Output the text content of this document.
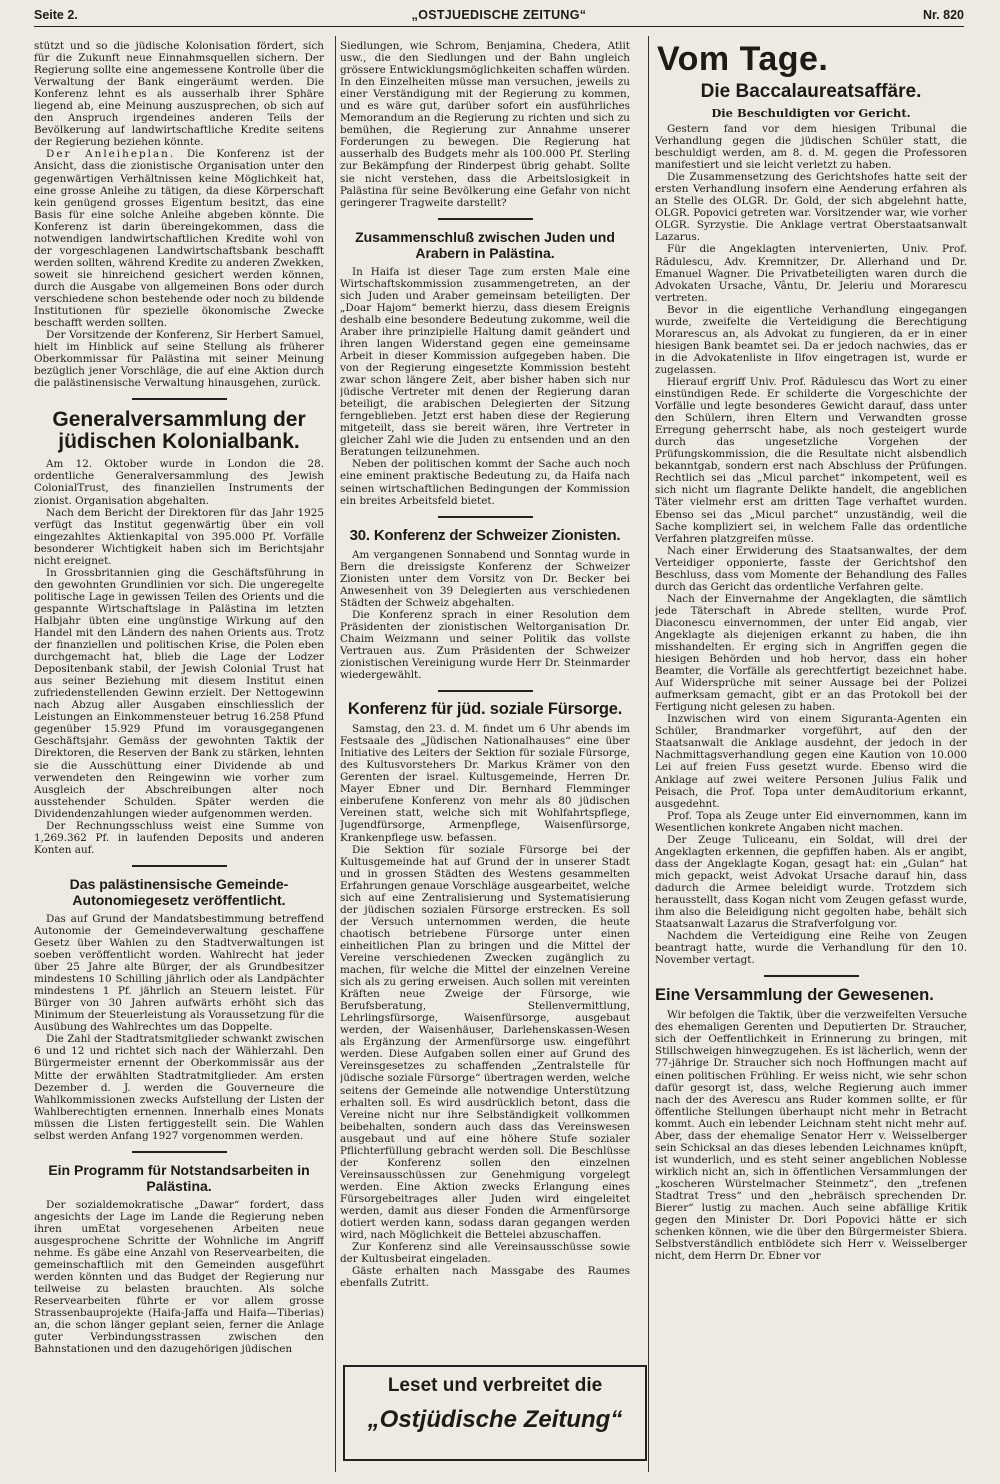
Seite 2.	„OSTJUEDISCHE ZEITUNG“	Nr. 820

stützt und so die jüdische Kolonisation fördert, sich für die Zukunft neue Einnahmsquellen sichern. Der Regierung sollte eine angemessene Kontrolle über die Verwaltung der Bank eingeräumt werden. Die Konferenz lehnt es als ausserhalb ihrer Sphäre liegend ab, eine Meinung auszusprechen, ob sich auf den Anspruch irgendeines anderen Teils der Bevölkerung auf landwirtschaftliche Kredite seitens der Regierung beziehen könnte.

Der Anleiheplan. Die Konferenz ist der Ansicht, dass die zionistische Organisation unter den gegenwärtigen Verhältnissen keine Möglichkeit hat, eine grosse Anleihe zu tätigen, da diese Körperschaft kein genügend grosses Eigentum besitzt, das eine Basis für eine solche Anleihe abgeben könnte. Die Konferenz ist darin übereingekommen, dass die notwendigen landwirtschaftlichen Kredite wohl von der vorgeschlagenen Landwirtschaftsbank beschafft werden sollten, während Kredite zu anderen Zwekken, soweit sie hinreichend gesichert werden können, durch die Ausgabe von allgemeinen Bons oder durch verschiedene schon bestehende oder noch zu bildende Institutionen für spezielle ökonomische Zwecke beschafft werden sollten.

Der Vorsitzende der Konferenz, Sir Herbert Samuel, hielt im Hinblick auf seine Stellung als früherer Oberkommissar für Palästina mit seiner Meinung bezüglich jener Vorschläge, die auf eine Aktion durch die palästinensische Verwaltung hinausgehen, zurück.

Generalversammlung der jüdischen Kolonialbank.

Am 12. Oktober wurde in London die 28. ordentliche Generalversammlung des Jewish ColonialTrust, des finanziellen Instruments der zionist. Organisation abgehalten.

Nach dem Bericht der Direktoren für das Jahr 1925 verfügt das Institut gegenwärtig über ein voll eingezahltes Aktienkapital von 395.000 Pf. Vorfälle besonderer Wichtigkeit haben sich im Berichtsjahr nicht ereignet.

In Grossbritannien ging die Geschäftsführung in den gewohnten Grundlinien vor sich. Die ungeregelte politische Lage in gewissen Teilen des Orients und die gespannte Wirtschaftslage in Palästina im letzten Halbjahr übten eine ungünstige Wirkung auf den Handel mit den Ländern des nahen Orients aus. Trotz der finanziellen und politischen Krise, die Polen eben durchgemacht hat, blieb die Lage der Lodzer Depositenbank stabil, der Jewish Colonial Trust hat aus seiner Beziehung mit diesem Institut einen zufriedenstellenden Gewinn erzielt. Der Nettogewinn nach Abzug aller Ausgaben einschliesslich der Leistungen an Einkommensteuer betrug 16.258 Pfund gegenüber 15.929 Pfund im vorausgegangenen Geschäftsjahr. Gemäss der gewohnten Taktik der Direktoren, die Reserven der Bank zu stärken, lehnten sie die Ausschüttung einer Dividende ab und verwendeten den Reingewinn wie vorher zum Ausgleich der Abschreibungen alter noch ausstehender Schulden. Später werden die Dividendenzahlungen wieder aufgenommen werden.

Der Rechnungsschluss weist eine Summe von 1,269.362 Pf. in laufenden Deposits und anderen Konten auf.

Das palästinensische Gemeinde-Autonomiegesetz veröffentlicht.

Das auf Grund der Mandatsbestimmung betreffend Autonomie der Gemeindeverwaltung geschaffene Gesetz über Wahlen zu den Stadtverwaltungen ist soeben veröffentlicht worden. Wahlrecht hat jeder über 25 Jahre alte Bürger, der als Grundbesitzer mindestens 10 Schilling jährlich oder als Landpächter mindestens 1 Pf. jährlich an Steuern leistet. Für Bürger von 30 Jahren aufwärts erhöht sich das Minimum der Steuerleistung als Voraussetzung für die Ausübung des Wahlrechtes um das Doppelte.

Die Zahl der Stadtratsmitglieder schwankt zwischen 6 und 12 und richtet sich nach der Wählerzahl. Den Bürgermeister ernennt der Oberkommissär aus der Mitte der erwählten Stadtratmitglieder. Am ersten Dezember d. J. werden die Gouverneure die Wahlkommissionen zwecks Aufstellung der Listen der Wahlberechtigten ernennen. Innerhalb eines Monats müssen die Listen fertiggestellt sein. Die Wahlen selbst werden Anfang 1927 vorgenommen werden.

Ein Programm für Notstandsarbeiten in Palästina.

Der sozialdemokratische „Dawar“ fordert, dass angesichts der Lage im Lande die Regierung neben ihren umEtat vorgesehenen Arbeiten neue ausgesprochene Schritte der Wohnliche im Angriff nehme. Es gäbe eine Anzahl von Reservearbeiten, die gemeinschaftlich mit den Gemeinden ausgeführt werden könnten und das Budget der Regierung nur teilweise zu belasten brauchten. Als solche Reservearbeiten führte er vor allem grosse Strassenbauprojekte (Haifa-Jaffa und Haifa—Tiberias) an, die schon länger geplant seien, ferner die Anlage guter Verbindungsstrassen zwischen den Bahnstationen und den dazugehörigen jüdischen

Siedlungen, wie Schrom, Benjamina, Chedera, Atlit usw., die den Siedlungen und der Bahn ungleich grössere Entwicklungsmöglichkeiten schaffen würden. In den Einzelheiten müsse man versuchen, jeweils zu einer Verständigung mit der Regierung zu kommen, und es wäre gut, darüber sofort ein ausführliches Memorandum an die Regierung zu richten und sich zu bemühen, die Regierung zur Annahme unserer Forderungen zu bewegen. Die Regierung hat ausserhalb des Budgets mehr als 100.000 Pf. Sterling zur Bekämpfung der Rinderpest übrig gehabt. Sollte sie nicht verstehen, dass die Arbeitslosigkeit in Palästina für seine Bevölkerung eine Gefahr von nicht geringerer Tragweite darstellt?

Zusammenschluß zwischen Juden und Arabern in Palästina.

In Haifa ist dieser Tage zum ersten Male eine Wirtschaftskommission zusammengetreten, an der sich Juden und Araber gemeinsam beteiligten. Der „Doar Hajom“ bemerkt hierzu, dass diesem Ereignis deshalb eine besondere Bedeutung zukomme, weil die Araber ihre prinzipielle Haltung damit geändert und ihren langen Widerstand gegen eine gemeinsame Arbeit in dieser Kommission aufgegeben haben. Die von der Regierung eingesetzte Kommission besteht zwar schon längere Zeit, aber bisher haben sich nur jüdische Vertreter mit denen der Regierung daran beteiligt, die arabischen Delegierten der Sitzung ferngeblieben. Jetzt erst haben diese der Regierung mitgeteilt, dass sie bereit wären, ihre Vertreter in gleicher Zahl wie die Juden zu entsenden und an den Beratungen teilzunehmen.

Neben der politischen kommt der Sache auch noch eine eminent praktische Bedeutung zu, da Haifa nach seinen wirtschaftlichen Bedingungen der Kommission ein breites Arbeitsfeld bietet.

30. Konferenz der Schweizer Zionisten.

Am vergangenen Sonnabend und Sonntag wurde in Bern die dreissigste Konferenz der Schweizer Zionisten unter dem Vorsitz von Dr. Becker bei Anwesenheit von 39 Delegierten aus verschiedenen Städten der Schweiz abgehalten.

Die Konferenz sprach in einer Resolution dem Präsidenten der zionistischen Weltorganisation Dr. Chaim Weizmann und seiner Politik das vollste Vertrauen aus. Zum Präsidenten der Schweizer zionistischen Vereinigung wurde Herr Dr. Steinmarder wiedergewählt.

Konferenz für jüd. soziale Fürsorge.

Samstag, den 23. d. M. findet um 6 Uhr abends im Festsaale des „Jüdischen Nationalhauses“ eine über Initiative des Leiters der Sektion für soziale Fürsorge, des Kultusvorstehers Dr. Markus Krämer von den Gerenten der israel. Kultusgemeinde, Herren Dr. Mayer Ebner und Dir. Bernhard Flemminger einberufene Konferenz von mehr als 80 jüdischen Vereinen statt, welche sich mit Wohlfahrtspflege, Jugendfürsorge, Armenpflege, Waisenfürsorge, Krankenpflege usw. befassen.

Die Sektion für soziale Fürsorge bei der Kultusgemeinde hat auf Grund der in unserer Stadt und in grossen Städten des Westens gesammelten Erfahrungen genaue Vorschläge ausgearbeitet, welche sich auf eine Zentralisierung und Systematisierung der jüdischen sozialen Fürsorge erstrecken. Es soll der Versuch unternommen werden, die heute chaotisch betriebene Fürsorge unter einen einheitlichen Plan zu bringen und die Mittel der Vereine verschiedenen Zwecken zugänglich zu machen, für welche die Mittel der einzelnen Vereine sich als zu gering erweisen. Auch sollen mit vereinten Kräften neue Zweige der Fürsorge, wie Berufsberatung, Stellenvermittlung, Lehrlingsfürsorge, Waisenfürsorge, ausgebaut werden, der Waisenhäuser, Darlehenskassen-Wesen als Ergänzung der Armenfürsorge usw. eingeführt werden. Diese Aufgaben sollen einer auf Grund des Vereinsgesetzes zu schaffenden „Zentralstelle für jüdische soziale Fürsorge“ übertragen werden, welche seitens der Gemeinde alle notwendige Unterstützung erhalten soll. Es wird ausdrücklich betont, dass die Vereine nicht nur ihre Selbständigkeit vollkommen beibehalten, sondern auch dass das Vereinswesen ausgebaut und auf eine höhere Stufe sozialer Pflichterfüllung gebracht werden soll. Die Beschlüsse der Konferenz sollen den einzelnen Vereinsausschüssen zur Genehmigung vorgelegt werden. Eine Aktion zwecks Erlangung eines Fürsorgebeitrages aller Juden wird eingeleitet werden, damit aus dieser Fonden die Armenfürsorge dotiert werden kann, sodass daran gegangen werden wird, nach Möglichkeit die Bettelei abzuschaffen.

Zur Konferenz sind alle Vereinsausschüsse sowie der Kultusbeirat eingeladen.

Gäste erhalten nach Massgabe des Raumes ebenfalls Zutritt.

Leset und verbreitet die
„Ostjüdische Zeitung“
Vom Tage.
Die Baccalaureatsaffäre.
Die Beschuldigten vor Gericht.

Gestern fand vor dem hiesigen Tribunal die Verhandlung gegen die jüdischen Schüler statt, die beschuldigt werden, am 8. d. M. gegen die Professoren manifestiert und sie leicht verletzt zu haben.

Die Zusammensetzung des Gerichtshofes hatte seit der ersten Verhandlung insofern eine Aenderung erfahren als an Stelle des OLGR. Dr. Gold, der sich abgelehnt hatte, OLGR. Popovici getreten war. Vorsitzender war, wie vorher OLGR. Syrzystie. Die Anklage vertrat Oberstaatsanwalt Lazarus.

Für die Angeklagten intervenierten, Univ. Prof. Rădulescu, Adv. Kremnitzer, Dr. Allerhand und Dr. Emanuel Wagner. Die Privatbeteiligten waren durch die Advokaten Ursache, Vântu, Dr. Jeleriu und Morarescu vertreten.

Bevor in die eigentliche Verhandlung eingegangen wurde, zweifelte die Verteidigung die Berechtigung Morarescus an, als Advokat zu fungieren, da er in einer hiesigen Bank beamtet sei. Da er jedoch nachwies, das er in die Advokatenliste in Ilfov eingetragen ist, wurde er zugelassen.

Hierauf ergriff Univ. Prof. Rădulescu das Wort zu einer einstündigen Rede. Er schilderte die Vorgeschichte der Vorfälle und legte besonderes Gewicht darauf, dass unter den Schülern, ihren Eltern und Verwandten grosse Erregung geherrscht habe, als noch gesteigert wurde durch das ungesetzliche Vorgehen der Prüfungskommission, die die Resultate nicht alsbendlich bekanntgab, sondern erst nach Abschluss der Prüfungen. Rechtlich sei das „Micul parchet“ inkompetent, weil es sich nicht um flagrante Delikte handelt, die angeblichen Täter vielmehr erst am dritten Tage verhaftet wurden. Ebenso sei das „Micul parchet“ unzuständig, weil die Sache kompliziert sei, in welchem Falle das ordentliche Verfahren platzgreifen müsse.

Nach einer Erwiderung des Staatsanwaltes, der dem Verteidiger opponierte, fasste der Gerichtshof den Beschluss, dass vom Momente der Behandlung des Falles durch das Gericht das ordentliche Verfahren gelte.

Nach der Einvernahme der Angeklagten, die sämtlich jede Täterschaft in Abrede stellten, wurde Prof. Diaconescu einvernommen, der unter Eid angab, vier Angeklagte als diejenigen erkannt zu haben, die ihn misshandelten. Er erging sich in Angriffen gegen die hiesigen Behörden und hob hervor, dass ein hoher Beamter, die Vorfälle als gerechtfertigt bezeichnet habe. Auf Widersprüche mit seiner Aussage bei der Polizei aufmerksam gemacht, gibt er an das Protokoll bei der Fertigung nicht gelesen zu haben.

Inzwischen wird von einem Siguranta-Agenten ein Schüler, Brandmarker vorgeführt, auf den der Staatsanwalt die Anklage ausdehnt, der jedoch in der Nachmittagsverhandlung gegen eine Kaution von 10.000 Lei auf freien Fuss gesetzt wurde. Ebenso wird die Anklage auf zwei weitere Personen Julius Falik und Peisach, die Prof. Topa unter demAuditorium erkannt, ausgedehnt.

Prof. Topa als Zeuge unter Eid einvernommen, kann im Wesentlichen konkrete Angaben nicht machen.

Der Zeuge Tuliceanu, ein Soldat, will drei der Angeklagten erkennen, die gepfiffen haben. Als er angibt, dass der Angeklagte Kogan, gesagt hat: ein „Gulan“ hat mich gepackt, weist Advokat Ursache darauf hin, dass dadurch die Armee beleidigt wurde. Trotzdem sich herausstellt, dass Kogan nicht vom Zeugen gefasst wurde, ihm also die Beleidigung nicht gegolten habe, behält sich Staatsanwalt Lazarus die Strafverfolgung vor.

Nachdem die Verteidigung eine Reihe von Zeugen beantragt hatte, wurde die Verhandlung für den 10. November vertagt.

Eine Versammlung der Gewesenen.

Wir befolgen die Taktik, über die verzweifelten Versuche des ehemaligen Gerenten und Deputierten Dr. Straucher, sich der Oeffentlichkeit in Erinnerung zu bringen, mit Stillschweigen hinwegzugehen. Es ist lächerlich, wenn der 77-jährige Dr. Straucher sich noch Hoffnungen macht auf einen politischen Frühling. Er weiss nicht, wie sehr schon dafür gesorgt ist, dass, welche Regierung auch immer nach der des Averescu ans Ruder kommen sollte, er für öffentliche Stellungen überhaupt nicht mehr in Betracht kommt. Auch ein lebender Leichnam steht nicht mehr auf. Aber, dass der ehemalige Senator Herr v. Weisselberger sein Schicksal an das dieses lebenden Leichnames knüpft, ist wunderlich, und es steht seiner angeblichen Noblesse wirklich nicht an, sich in öffentlichen Versammlungen der „koscheren Würstelmacher Steinmetz“, den „trefenen Stadtrat Tress“ und den „hebräisch sprechenden Dr. Bierer“ lustig zu machen. Auch seine abfällige Kritik gegen den Minister Dr. Dori Popovici hätte er sich schenken können, wie die über den Bürgermeister Sbiera. Selbstverständlich entblödete sich Herr v. Weisselberger nicht, dem Herrn Dr. Ebner vor
